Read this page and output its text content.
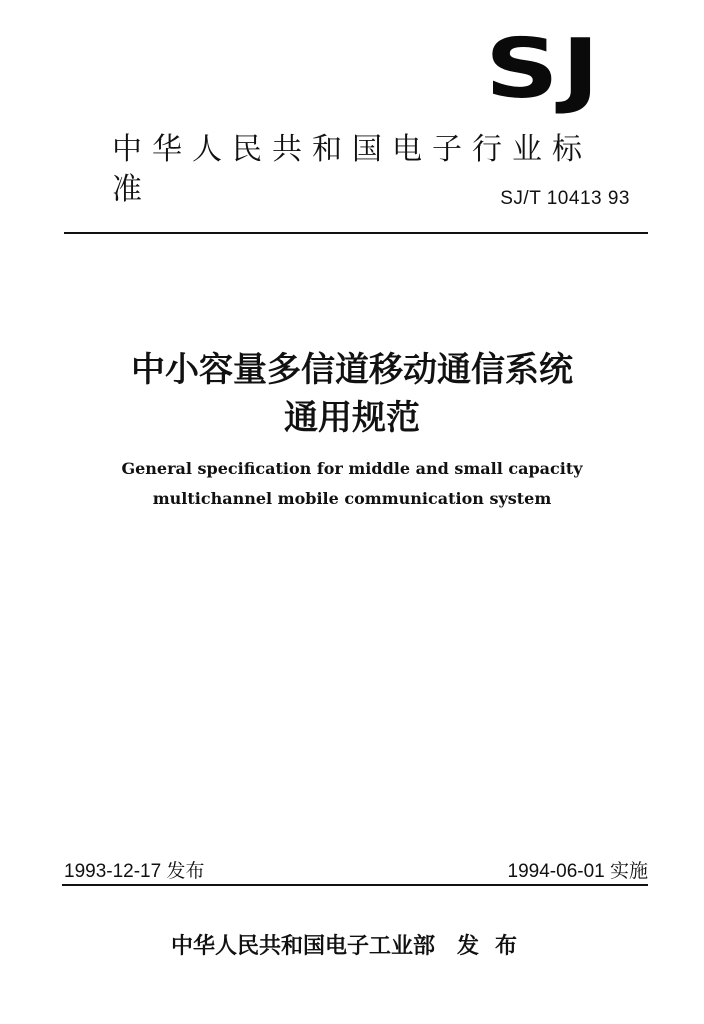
SJ
中华人民共和国电子行业标准	SJ/T 10413 93
中小容量多信道移动通信系统
通用规范
General specification for middle and small capacity
multichannel mobile communication system
1993-12-17 发布	1994-06-01 实施
中华人民共和国电子工业部 发布
